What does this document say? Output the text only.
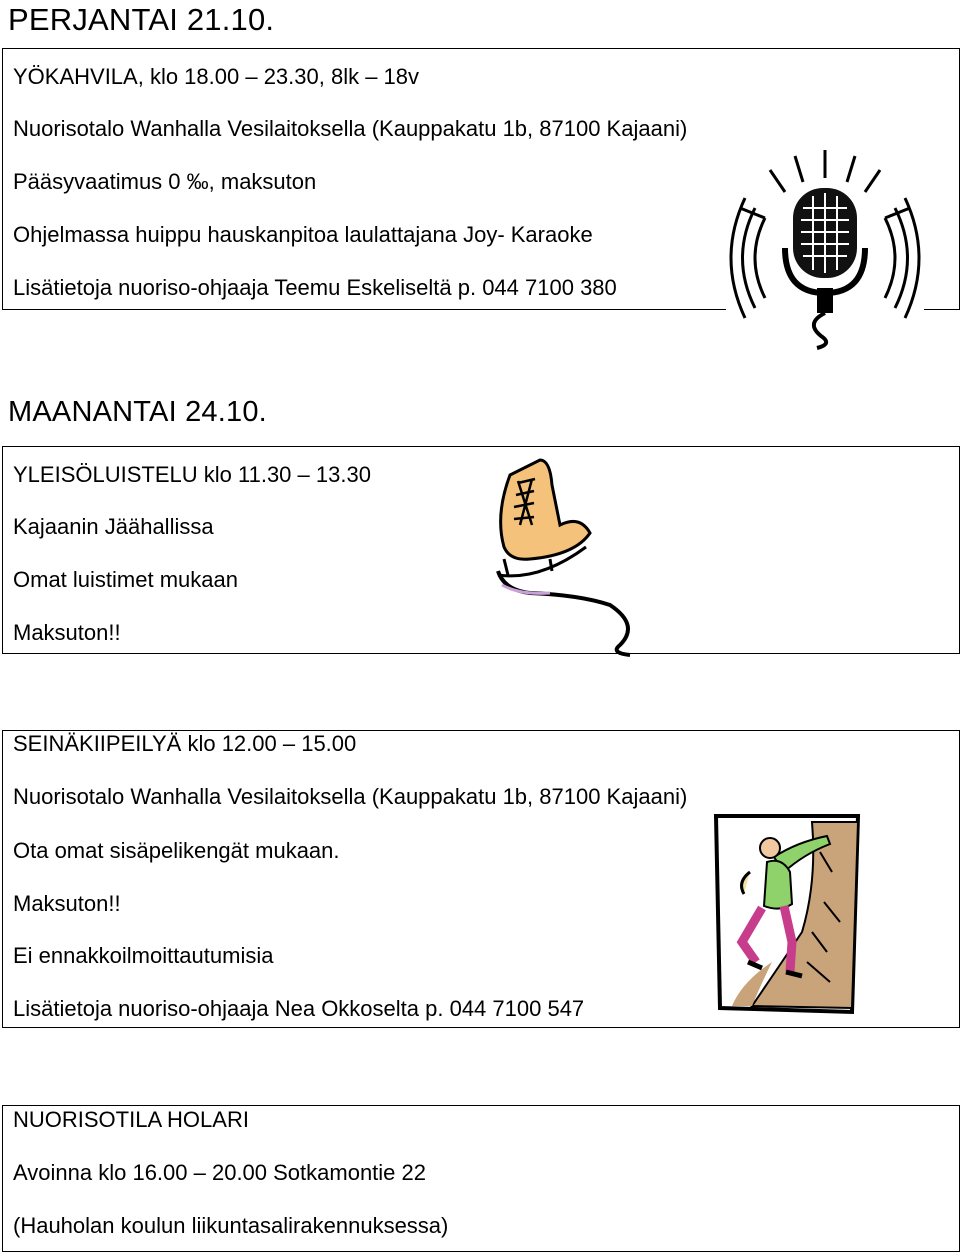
PERJANTAI 21.10.
YÖKAHVILA, klo 18.00 – 23.30, 8lk – 18v
Nuorisotalo Wanhalla Vesilaitoksella (Kauppakatu 1b, 87100 Kajaani)
Pääsyvaatimus 0 ‰, maksuton
Ohjelmassa huippu hauskanpitoa laulattajana Joy- Karaoke
Lisätietoja nuoriso-ohjaaja Teemu Eskeliseltä p. 044 7100 380
MAANANTAI 24.10.
YLEISÖLUISTELU klo 11.30 – 13.30
Kajaanin Jäähallissa
Omat luistimet mukaan
Maksuton!!
SEINÄKIIPEILYÄ klo 12.00 – 15.00
Nuorisotalo Wanhalla Vesilaitoksella (Kauppakatu 1b, 87100 Kajaani)
Ota omat sisäpelikengät mukaan.
Maksuton!!
Ei ennakkoilmoittautumisia
Lisätietoja nuoriso-ohjaaja Nea Okkoselta p. 044 7100 547
NUORISOTILA HOLARI
Avoinna klo 16.00 – 20.00 Sotkamontie 22
(Hauholan koulun liikuntasalirakennuksessa)
